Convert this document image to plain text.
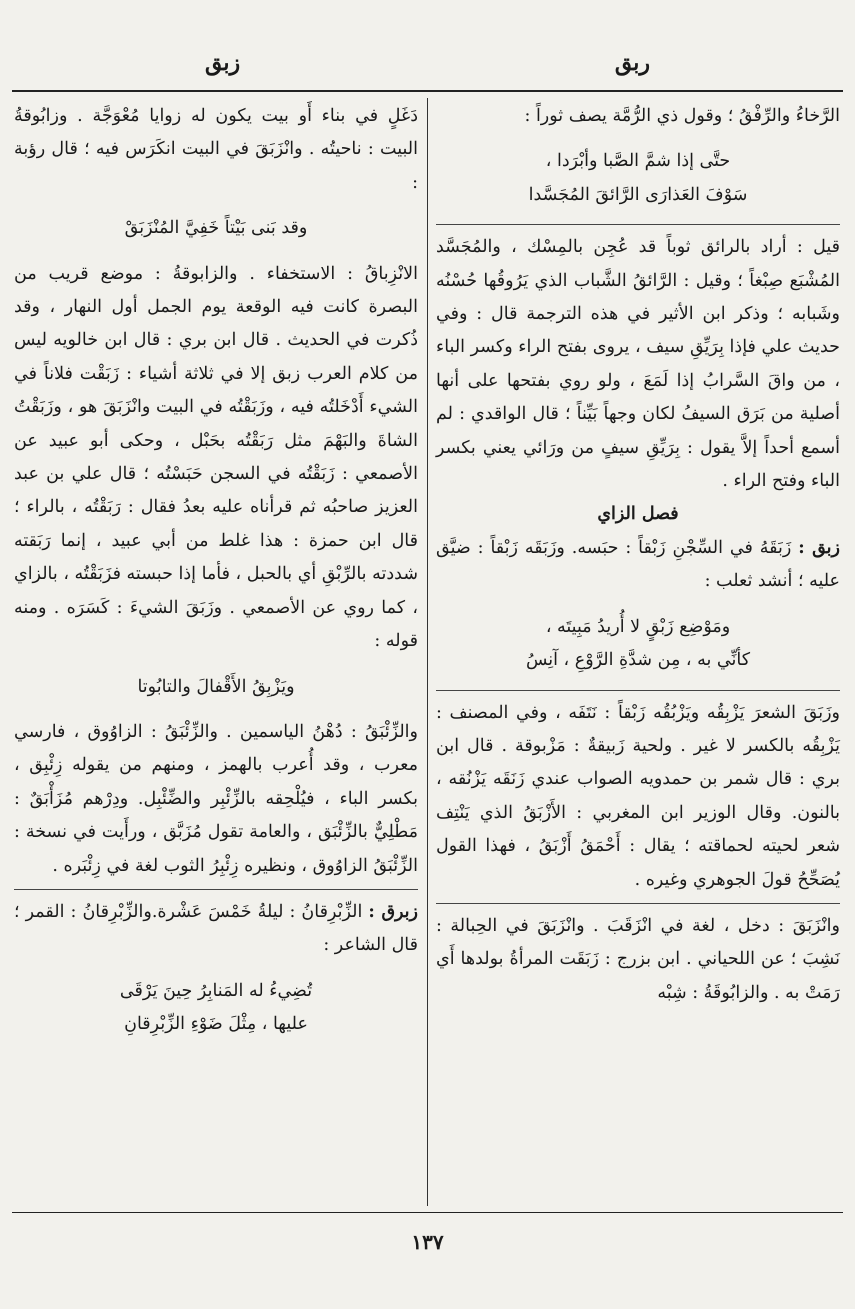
ربق
زبق

الرَّخاءُ والرِّفْقُ ؛ وقول ذي الرُّمَّة يصف ثوراً :

حتَّى إذا شمَّ الصَّبا وأبْرَدا ،

سَوْفَ العَذارَى الرَّائقَ المُجَسَّدا

قيل : أراد بالرائق ثوباً قد عُجِن بالمِسْك ، والمُجَسَّد المُشْبَع صِبْغاً ؛ وقيل : الرَّائقُ الشَّباب الذي يَرُوقُها حُسْنُه وشَبابه ؛ وذكر ابن الأثير في هذه الترجمة قال : وفي حديث علي فإذا بِرَيِّقِ سيف ، يروى بفتح الراء وكسر الباء ، من واقَ السَّرابُ إذا لَمَعَ ، ولو روي بفتحها على أنها أصلية من بَرَق السيفُ لكان وجهاً بَيِّناً ؛ قال الواقدي : لم أسمع أحداً إلاَّ يقول : بِرَيِّقِ سيفٍ من ورَائي يعني بكسر الباء وفتح الراء .

فصل الزاي

زبق : زَبَقَهُ في السِّجْنِ زَبْقاً : حبَسه. وزَبَقَه زَبْقاً : ضيَّق عليه ؛ أنشد ثعلب :

ومَوْضِع زَبْقٍ لا أُريدُ مَبِيتَه ،

كأنِّي به ، مِن شدَّةِ الرَّوْعِ ، آنِسُ

وزَبَقَ الشعرَ يَزْبِقُه ويَزْبُقُه زَبْقاً : نَتَفَه ، وفي المصنف : يَزْبِقُه بالكسر لا غير . ولحية زَبيقةٌ : مَزْبوقة . قال ابن بري : قال شمر بن حمدويه الصواب عندي زَنَقَه يَزْنُقه ، بالنون. وقال الوزير ابن المغربي : الأَزْبَقُ الذي يَنْتِف شعر لحيته لحماقته ؛ يقال : أَحْمَقُ أَزْبَقُ ، فهذا القول يُصَحِّحُ قولَ الجوهري وغيره .

وانْزَبَقَ : دخل ، لغة في انْزَقَبَ . وانْزَبَقَ في الحِبالة : نَشِبَ ؛ عن اللحياني . ابن بزرج : زَبَقَت المرأةُ بولدها أَي رَمَتْ به . والزابُوقَةُ : شِبْه

دَغَلٍ في بناء أَو بيت يكون له زوايا مُعْوَجَّة . وزابُوقةُ البيت : ناحيتُه . وانْزَبَقَ في البيت انكَرَس فيه ؛ قال رؤبة :

وقد بَنى بَيْتاً خَفِيَّ المُنْزَبَقْ

الانْزِباقُ : الاستخفاء . والزابوقةُ : موضع قريب من البصرة كانت فيه الوقعة يوم الجمل أول النهار ، وقد ذُكرت في الحديث . قال ابن بري : قال ابن خالويه ليس من كلام العرب زبق إلا في ثلاثة أشياء : زَبَقْت فلاناً في الشيء أَدْخَلتُه فيه ، وزَبَقْتُه في البيت وانْزَبَقَ هو ، وزَبَقْتُ الشاةَ والبَهْمَ مثل رَبَقْتُه بحَبْل ، وحكى أبو عبيد عن الأصمعي : زَبَقْتُه في السجن حَبَسْتُه ؛ قال علي بن عبد العزيز صاحبُه ثم قرأناه عليه بعدُ فقال : رَبَقْتُه ، بالراء ؛ قال ابن حمزة : هذا غلط من أبي عبيد ، إنما رَبَقته شددته بالرِّبْقِ أي بالحبل ، فأما إذا حبسته فزَبَقْتُه ، بالزاي ، كما روي عن الأصمعي . وزَبَقَ الشيءَ : كَسَرَه . ومنه قوله :

ويَزْبِقُ الأَقْفالَ والتابُوتا

والزِّئْبَقُ : دُهْنُ الياسمين . والزِّئْبَقُ : الزاوُوق ، فارسي معرب ، وقد أُعرب بالهمز ، ومنهم من يقوله زِئْبِق ، بكسر الباء ، فيُلْحِقه بالزِّئْبِر والضِّئْبِل. ودِرْهم مُزَأْبَقٌ : مَطْلِيٌّ بالزِّئْبَق ، والعامة تقول مُزَبَّق ، ورأَيت في نسخة : الزِّئْبَقُ الزاوُوق ، ونظيره زِئْبِرُ الثوب لغة في زِئْبَره .

زبرق : الزِّبْرِقانُ : ليلةُ خَمْسَ عَشْرة.والزِّبْرِقانُ : القمر ؛ قال الشاعر :

تُضِيءُ له المَنابِرُ حِينَ يَرْقَى

عليها ، مِثْلَ ضَوْءِ الزِّبْرِقانِ

١٣٧
